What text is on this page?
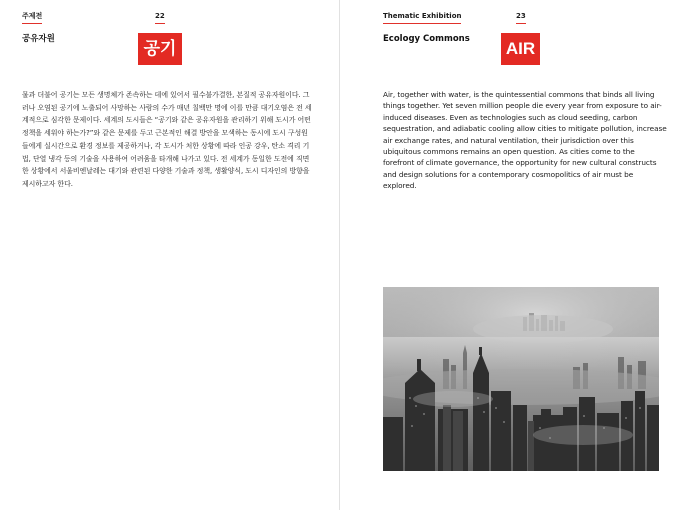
주제전	22
공유자원	공기

물과 더불어 공기는 모든 생명체가 존속하는 데에 있어서 필수불가결한, 본질적 공유자원이다. 그러나 오염된 공기에 노출되어 사망하는 사람의 수가 매년 칠백만 명에 이를 만큼 대기오염은 전 세계적으로 심각한 문제이다. 세계의 도시들은 “공기와 같은 공유자원을 관리하기 위해 도시가 어떤 정책을 세워야 하는가?”와 같은 문제를 두고 근본적인 해결 방안을 모색하는 동시에 도시 구성원들에게 실시간으로 환경 정보를 제공하거나, 각 도시가 처한 상황에 따라 인공 강우, 탄소 격리 기법, 단열 냉각 등의 기술을 사용하여 어려움을 타개해 나가고 있다. 전 세계가 동일한 도전에 직면한 상황에서 서울비엔날레는 대기와 관련된 다양한 기술과 정책, 생활양식, 도시 디자인의 방향을 제시하고자 한다.

Thematic Exhibition	23
Ecology Commons AIR

Air, together with water, is the quintessential commons that binds all living things together. Yet seven million people die every year from exposure to air-induced diseases. Even as technologies such as cloud seeding, carbon sequestration, and adiabatic cooling allow cities to mitigate pollution, increase air exchange rates, and natural ventilation, their jurisdiction over this ubiquitous commons remains an open question. As cities come to the forefront of climate governance, the opportunity for new cultural constructs and design solutions for a contemporary cosmopolitics of air must be explored.
